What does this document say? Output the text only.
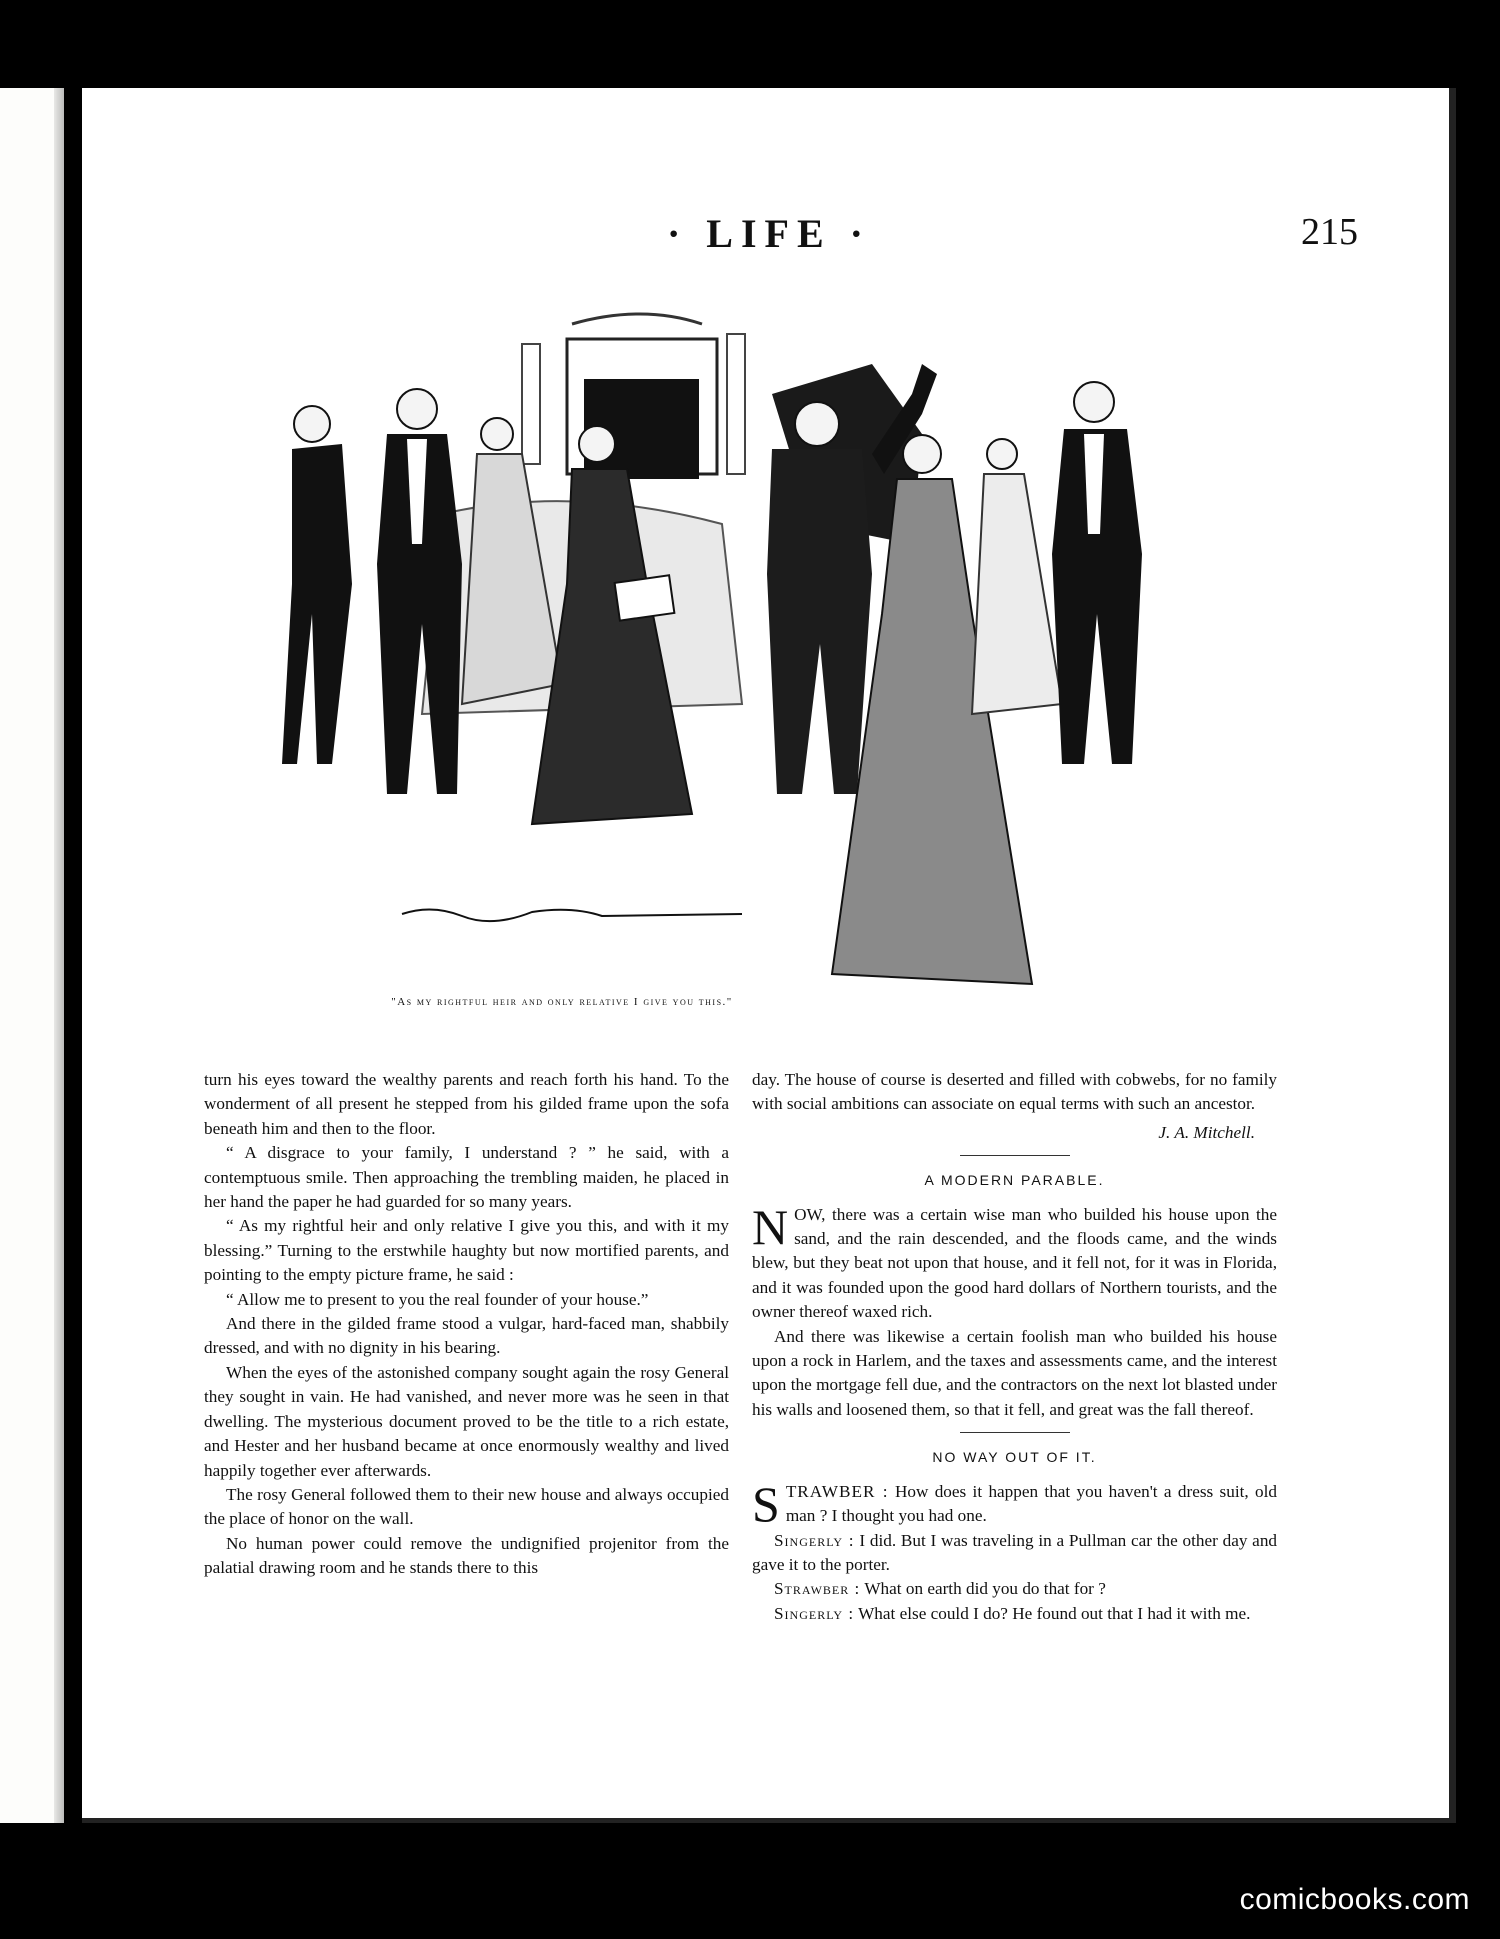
· LIFE ·	215
"As my rightful heir and only relative I give you this."

turn his eyes toward the wealthy parents and reach forth his hand. To the wonderment of all present he stepped from his gilded frame upon the sofa beneath him and then to the floor.

“ A disgrace to your family, I understand ? ” he said, with a contemptuous smile. Then approaching the trembling maiden, he placed in her hand the paper he had guarded for so many years.

“ As my rightful heir and only relative I give you this, and with it my blessing.” Turning to the erstwhile haughty but now mortified parents, and pointing to the empty picture frame, he said :

“ Allow me to present to you the real founder of your house.”

And there in the gilded frame stood a vulgar, hard-faced man, shabbily dressed, and with no dignity in his bearing.

When the eyes of the astonished company sought again the rosy General they sought in vain. He had vanished, and never more was he seen in that dwelling. The mysterious document proved to be the title to a rich estate, and Hester and her husband became at once enormously wealthy and lived happily together ever afterwards.

The rosy General followed them to their new house and always occupied the place of honor on the wall.

No human power could remove the undignified projenitor from the palatial drawing room and he stands there to this

day. The house of course is deserted and filled with cobwebs, for no family with social ambitions can associate on equal terms with such an ancestor.

J. A. Mitchell.
A MODERN PARABLE.

NOW, there was a certain wise man who builded his house upon the sand, and the rain descended, and the floods came, and the winds blew, but they beat not upon that house, and it fell not, for it was in Florida, and it was founded upon the good hard dollars of Northern tourists, and the owner thereof waxed rich.

And there was likewise a certain foolish man who builded his house upon a rock in Harlem, and the taxes and assessments came, and the interest upon the mortgage fell due, and the contractors on the next lot blasted under his walls and loosened them, so that it fell, and great was the fall thereof.

NO WAY OUT OF IT.

STRAWBER : How does it happen that you haven't a dress suit, old man ? I thought you had one.

Singerly : I did. But I was traveling in a Pullman car the other day and gave it to the porter.

Strawber : What on earth did you do that for ?

Singerly : What else could I do? He found out that I had it with me.

comicbooks.com
